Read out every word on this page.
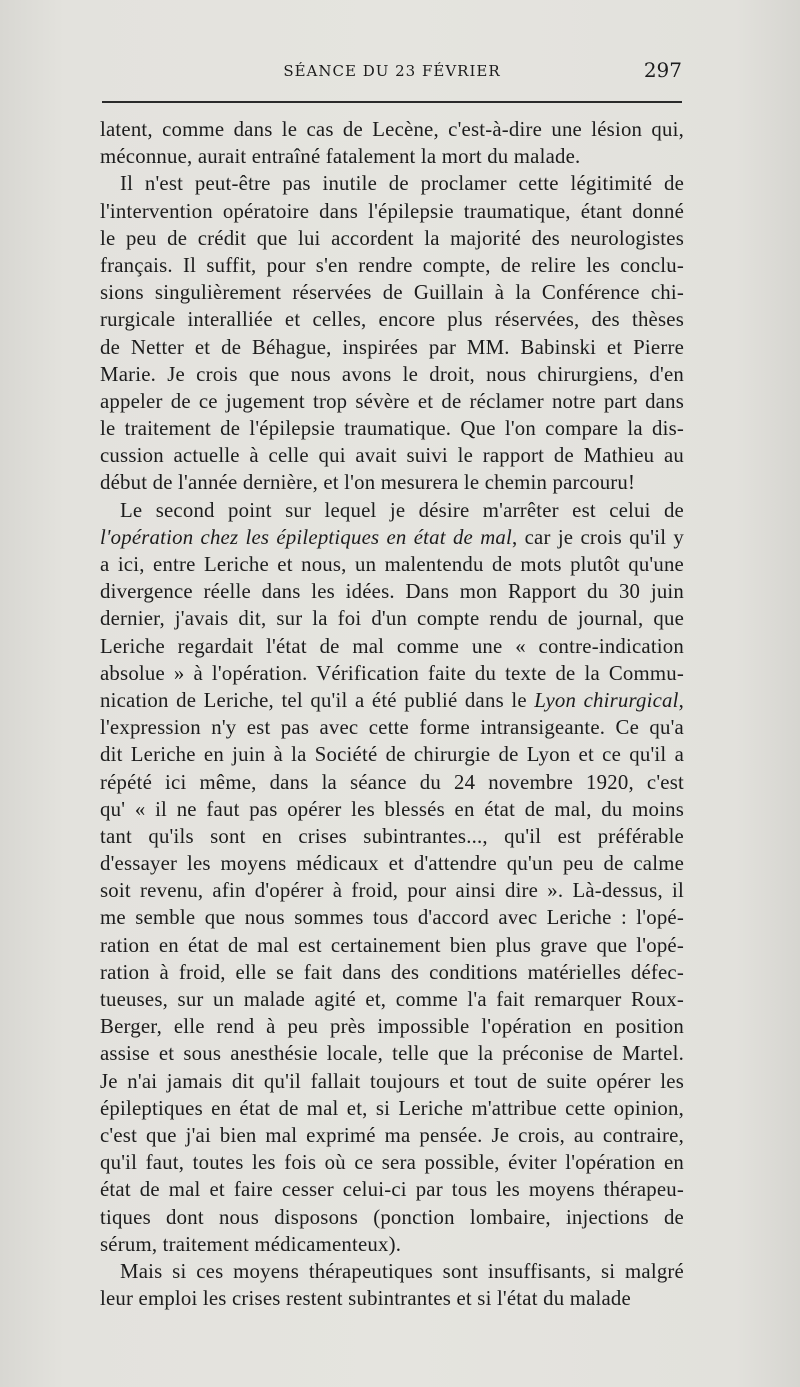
SÉANCE DU 23 FÉVRIER	297
latent, comme dans le cas de Lecène, c'est-à-dire une lésion qui,
méconnue, aurait entraîné fatalement la mort du malade.
Il n'est peut-être pas inutile de proclamer cette légitimité de
l'intervention opératoire dans l'épilepsie traumatique, étant donné
le peu de crédit que lui accordent la majorité des neurologistes
français. Il suffit, pour s'en rendre compte, de relire les conclu-
sions singulièrement réservées de Guillain à la Conférence chi-
rurgicale interalliée et celles, encore plus réservées, des thèses
de Netter et de Béhague, inspirées par MM. Babinski et Pierre
Marie. Je crois que nous avons le droit, nous chirurgiens, d'en
appeler de ce jugement trop sévère et de réclamer notre part dans
le traitement de l'épilepsie traumatique. Que l'on compare la dis-
cussion actuelle à celle qui avait suivi le rapport de Mathieu au
début de l'année dernière, et l'on mesurera le chemin parcouru!
Le second point sur lequel je désire m'arrêter est celui de
l'opération chez les épileptiques en état de mal, car je crois qu'il y
a ici, entre Leriche et nous, un malentendu de mots plutôt qu'une
divergence réelle dans les idées. Dans mon Rapport du 30 juin
dernier, j'avais dit, sur la foi d'un compte rendu de journal, que
Leriche regardait l'état de mal comme une « contre-indication
absolue » à l'opération. Vérification faite du texte de la Commu-
nication de Leriche, tel qu'il a été publié dans le Lyon chirurgical,
l'expression n'y est pas avec cette forme intransigeante. Ce qu'a
dit Leriche en juin à la Société de chirurgie de Lyon et ce qu'il a
répété ici même, dans la séance du 24 novembre 1920, c'est
qu' « il ne faut pas opérer les blessés en état de mal, du moins
tant qu'ils sont en crises subintrantes..., qu'il est préférable
d'essayer les moyens médicaux et d'attendre qu'un peu de calme
soit revenu, afin d'opérer à froid, pour ainsi dire ». Là-dessus, il
me semble que nous sommes tous d'accord avec Leriche : l'opé-
ration en état de mal est certainement bien plus grave que l'opé-
ration à froid, elle se fait dans des conditions matérielles défec-
tueuses, sur un malade agité et, comme l'a fait remarquer Roux-
Berger, elle rend à peu près impossible l'opération en position
assise et sous anesthésie locale, telle que la préconise de Martel.
Je n'ai jamais dit qu'il fallait toujours et tout de suite opérer les
épileptiques en état de mal et, si Leriche m'attribue cette opinion,
c'est que j'ai bien mal exprimé ma pensée. Je crois, au contraire,
qu'il faut, toutes les fois où ce sera possible, éviter l'opération en
état de mal et faire cesser celui-ci par tous les moyens thérapeu-
tiques dont nous disposons (ponction lombaire, injections de
sérum, traitement médicamenteux).
Mais si ces moyens thérapeutiques sont insuffisants, si malgré
leur emploi les crises restent subintrantes et si l'état du malade
